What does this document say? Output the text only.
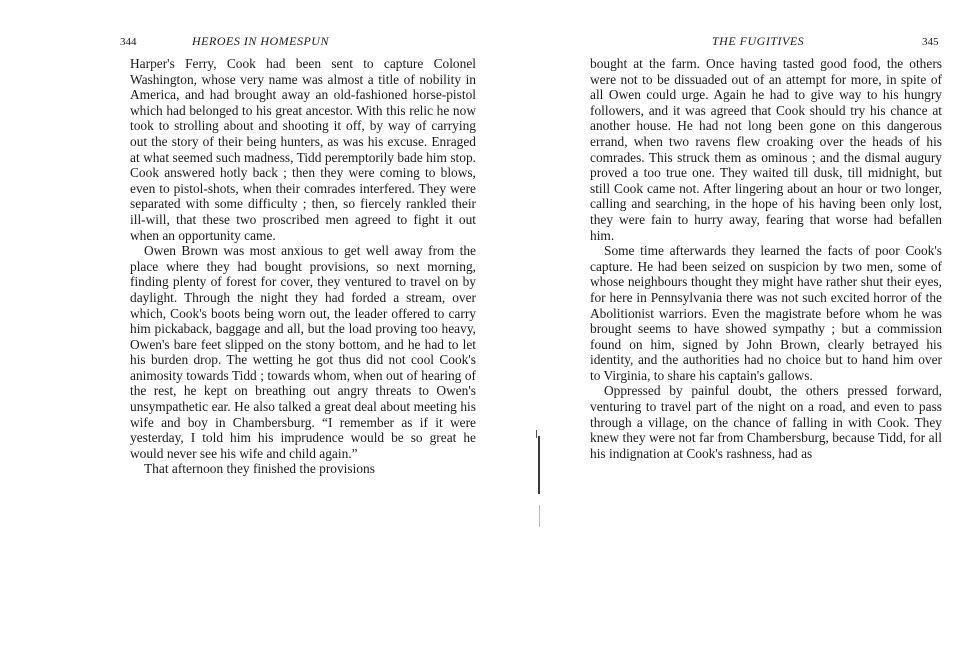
344	HEROES IN HOMESPUN

Harper's Ferry, Cook had been sent to capture Colonel Washington, whose very name was almost a title of nobility in America, and had brought away an old-fashioned horse-pistol which had belonged to his great ancestor. With this relic he now took to strolling about and shooting it off, by way of carrying out the story of their being hunters, as was his excuse. Enraged at what seemed such madness, Tidd peremptorily bade him stop. Cook answered hotly back ; then they were coming to blows, even to pistol-shots, when their comrades interfered. They were separated with some difficulty ; then, so fiercely rankled their ill-will, that these two proscribed men agreed to fight it out when an opportunity came.

Owen Brown was most anxious to get well away from the place where they had bought provisions, so next morning, finding plenty of forest for cover, they ventured to travel on by daylight. Through the night they had forded a stream, over which, Cook's boots being worn out, the leader offered to carry him pickaback, baggage and all, but the load proving too heavy, Owen's bare feet slipped on the stony bottom, and he had to let his burden drop. The wetting he got thus did not cool Cook's animosity towards Tidd ; towards whom, when out of hearing of the rest, he kept on breathing out angry threats to Owen's unsympathetic ear. He also talked a great deal about meeting his wife and boy in Chambersburg. “I remember as if it were yesterday, I told him his imprudence would be so great he would never see his wife and child again.”

That afternoon they finished the provisions

THE FUGITIVES	345

bought at the farm. Once having tasted good food, the others were not to be dissuaded out of an attempt for more, in spite of all Owen could urge. Again he had to give way to his hungry followers, and it was agreed that Cook should try his chance at another house. He had not long been gone on this dangerous errand, when two ravens flew croaking over the heads of his comrades. This struck them as ominous ; and the dismal augury proved a too true one. They waited till dusk, till midnight, but still Cook came not. After lingering about an hour or two longer, calling and searching, in the hope of his having been only lost, they were fain to hurry away, fearing that worse had befallen him.

Some time afterwards they learned the facts of poor Cook's capture. He had been seized on suspicion by two men, some of whose neighbours thought they might have rather shut their eyes, for here in Pennsylvania there was not such excited horror of the Abolitionist warriors. Even the magistrate before whom he was brought seems to have showed sympathy ; but a commission found on him, signed by John Brown, clearly betrayed his identity, and the authorities had no choice but to hand him over to Virginia, to share his captain's gallows.

Oppressed by painful doubt, the others pressed forward, venturing to travel part of the night on a road, and even to pass through a village, on the chance of falling in with Cook. They knew they were not far from Chambersburg, because Tidd, for all his indignation at Cook's rashness, had as
